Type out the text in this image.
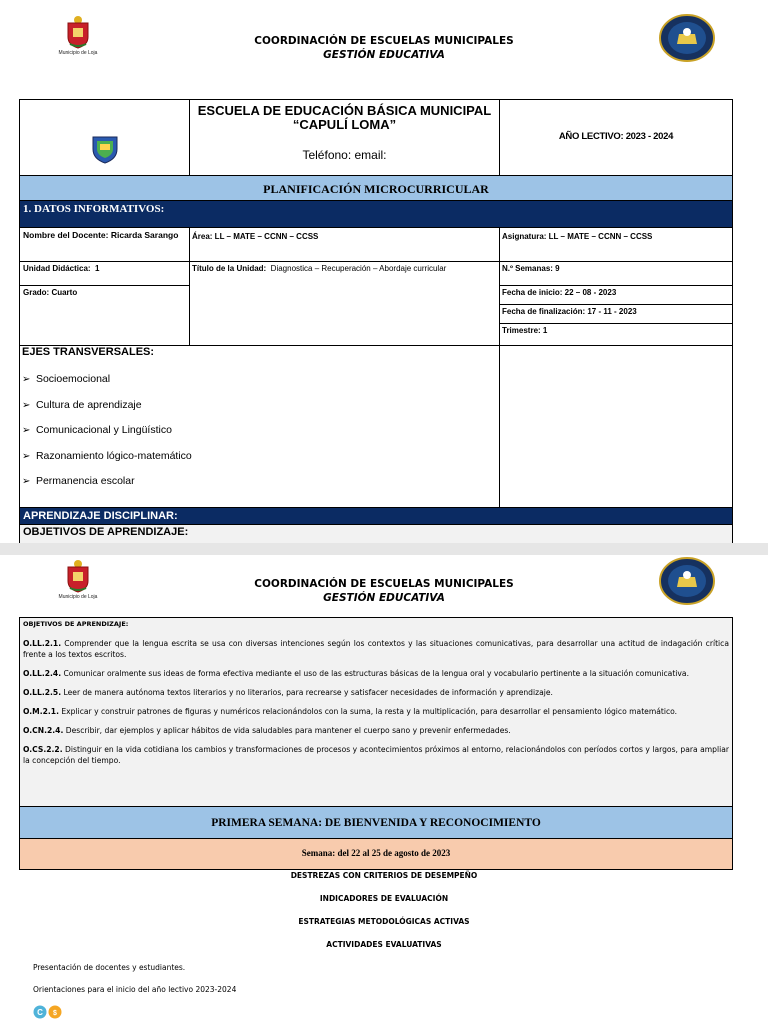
Municipio de Loja
COORDINACIÓN DE ESCUELAS MUNICIPALES
GESTIÓN EDUCATIVA
ESCUELA DE EDUCACIÓN BÁSICA MUNICIPAL
“CAPULÍ LOMA”
Teléfono: email:
AÑO LECTIVO: 2023 - 2024
PLANIFICACIÓN MICROCURRICULAR
1. DATOS INFORMATIVOS:
Nombre del Docente: Ricarda Sarango	Área: LL – MATE – CCNN – CCSS	Asignatura: LL – MATE – CCNN – CCSS
Unidad Didáctica: 1	Título de la Unidad: Diagnostica – Recuperación – Abordaje curricular	N.º Semanas: 9
Grado: Cuarto	Fecha de inicio: 22 – 08 - 2023
Fecha de finalización: 17 - 11 - 2023
Trimestre: 1
EJES TRANSVERSALES:
➢ Socioemocional
➢ Cultura de aprendizaje
➢ Comunicacional y Lingüístico
➢ Razonamiento lógico-matemático
➢ Permanencia escolar
APRENDIZAJE DISCIPLINAR:
OBJETIVOS DE APRENDIZAJE:
Municipio de Loja
COORDINACIÓN DE ESCUELAS MUNICIPALES
GESTIÓN EDUCATIVA
OBJETIVOS DE APRENDIZAJE:

O.LL.2.1. Comprender que la lengua escrita se usa con diversas intenciones según los contextos y las situaciones comunicativas, para desarrollar una actitud de indagación crítica frente a los textos escritos.

O.LL.2.4. Comunicar oralmente sus ideas de forma efectiva mediante el uso de las estructuras básicas de la lengua oral y vocabulario pertinente a la situación comunicativa.

O.LL.2.5. Leer de manera autónoma textos literarios y no literarios, para recrearse y satisfacer necesidades de información y aprendizaje.

O.M.2.1. Explicar y construir patrones de figuras y numéricos relacionándolos con la suma, la resta y la multiplicación, para desarrollar el pensamiento lógico matemático.

O.CN.2.4. Describir, dar ejemplos y aplicar hábitos de vida saludables para mantener el cuerpo sano y prevenir enfermedades.

O.CS.2.2. Distinguir en la vida cotidiana los cambios y transformaciones de procesos y acontecimientos próximos al entorno, relacionándolos con períodos cortos y largos, para ampliar la concepción del tiempo.

PRIMERA SEMANA: DE BIENVENIDA Y RECONOCIMIENTO
Semana: del 22 al 25 de agosto de 2023
DESTREZAS CON CRITERIOS DE DESEMPEÑO
INDICADORES DE EVALUACIÓN
ESTRATEGIAS METODOLÓGICAS ACTIVAS
ACTIVIDADES EVALUATIVAS
Presentación de docentes y estudiantes.
Orientaciones para el inicio del año lectivo 2023-2024
C $
